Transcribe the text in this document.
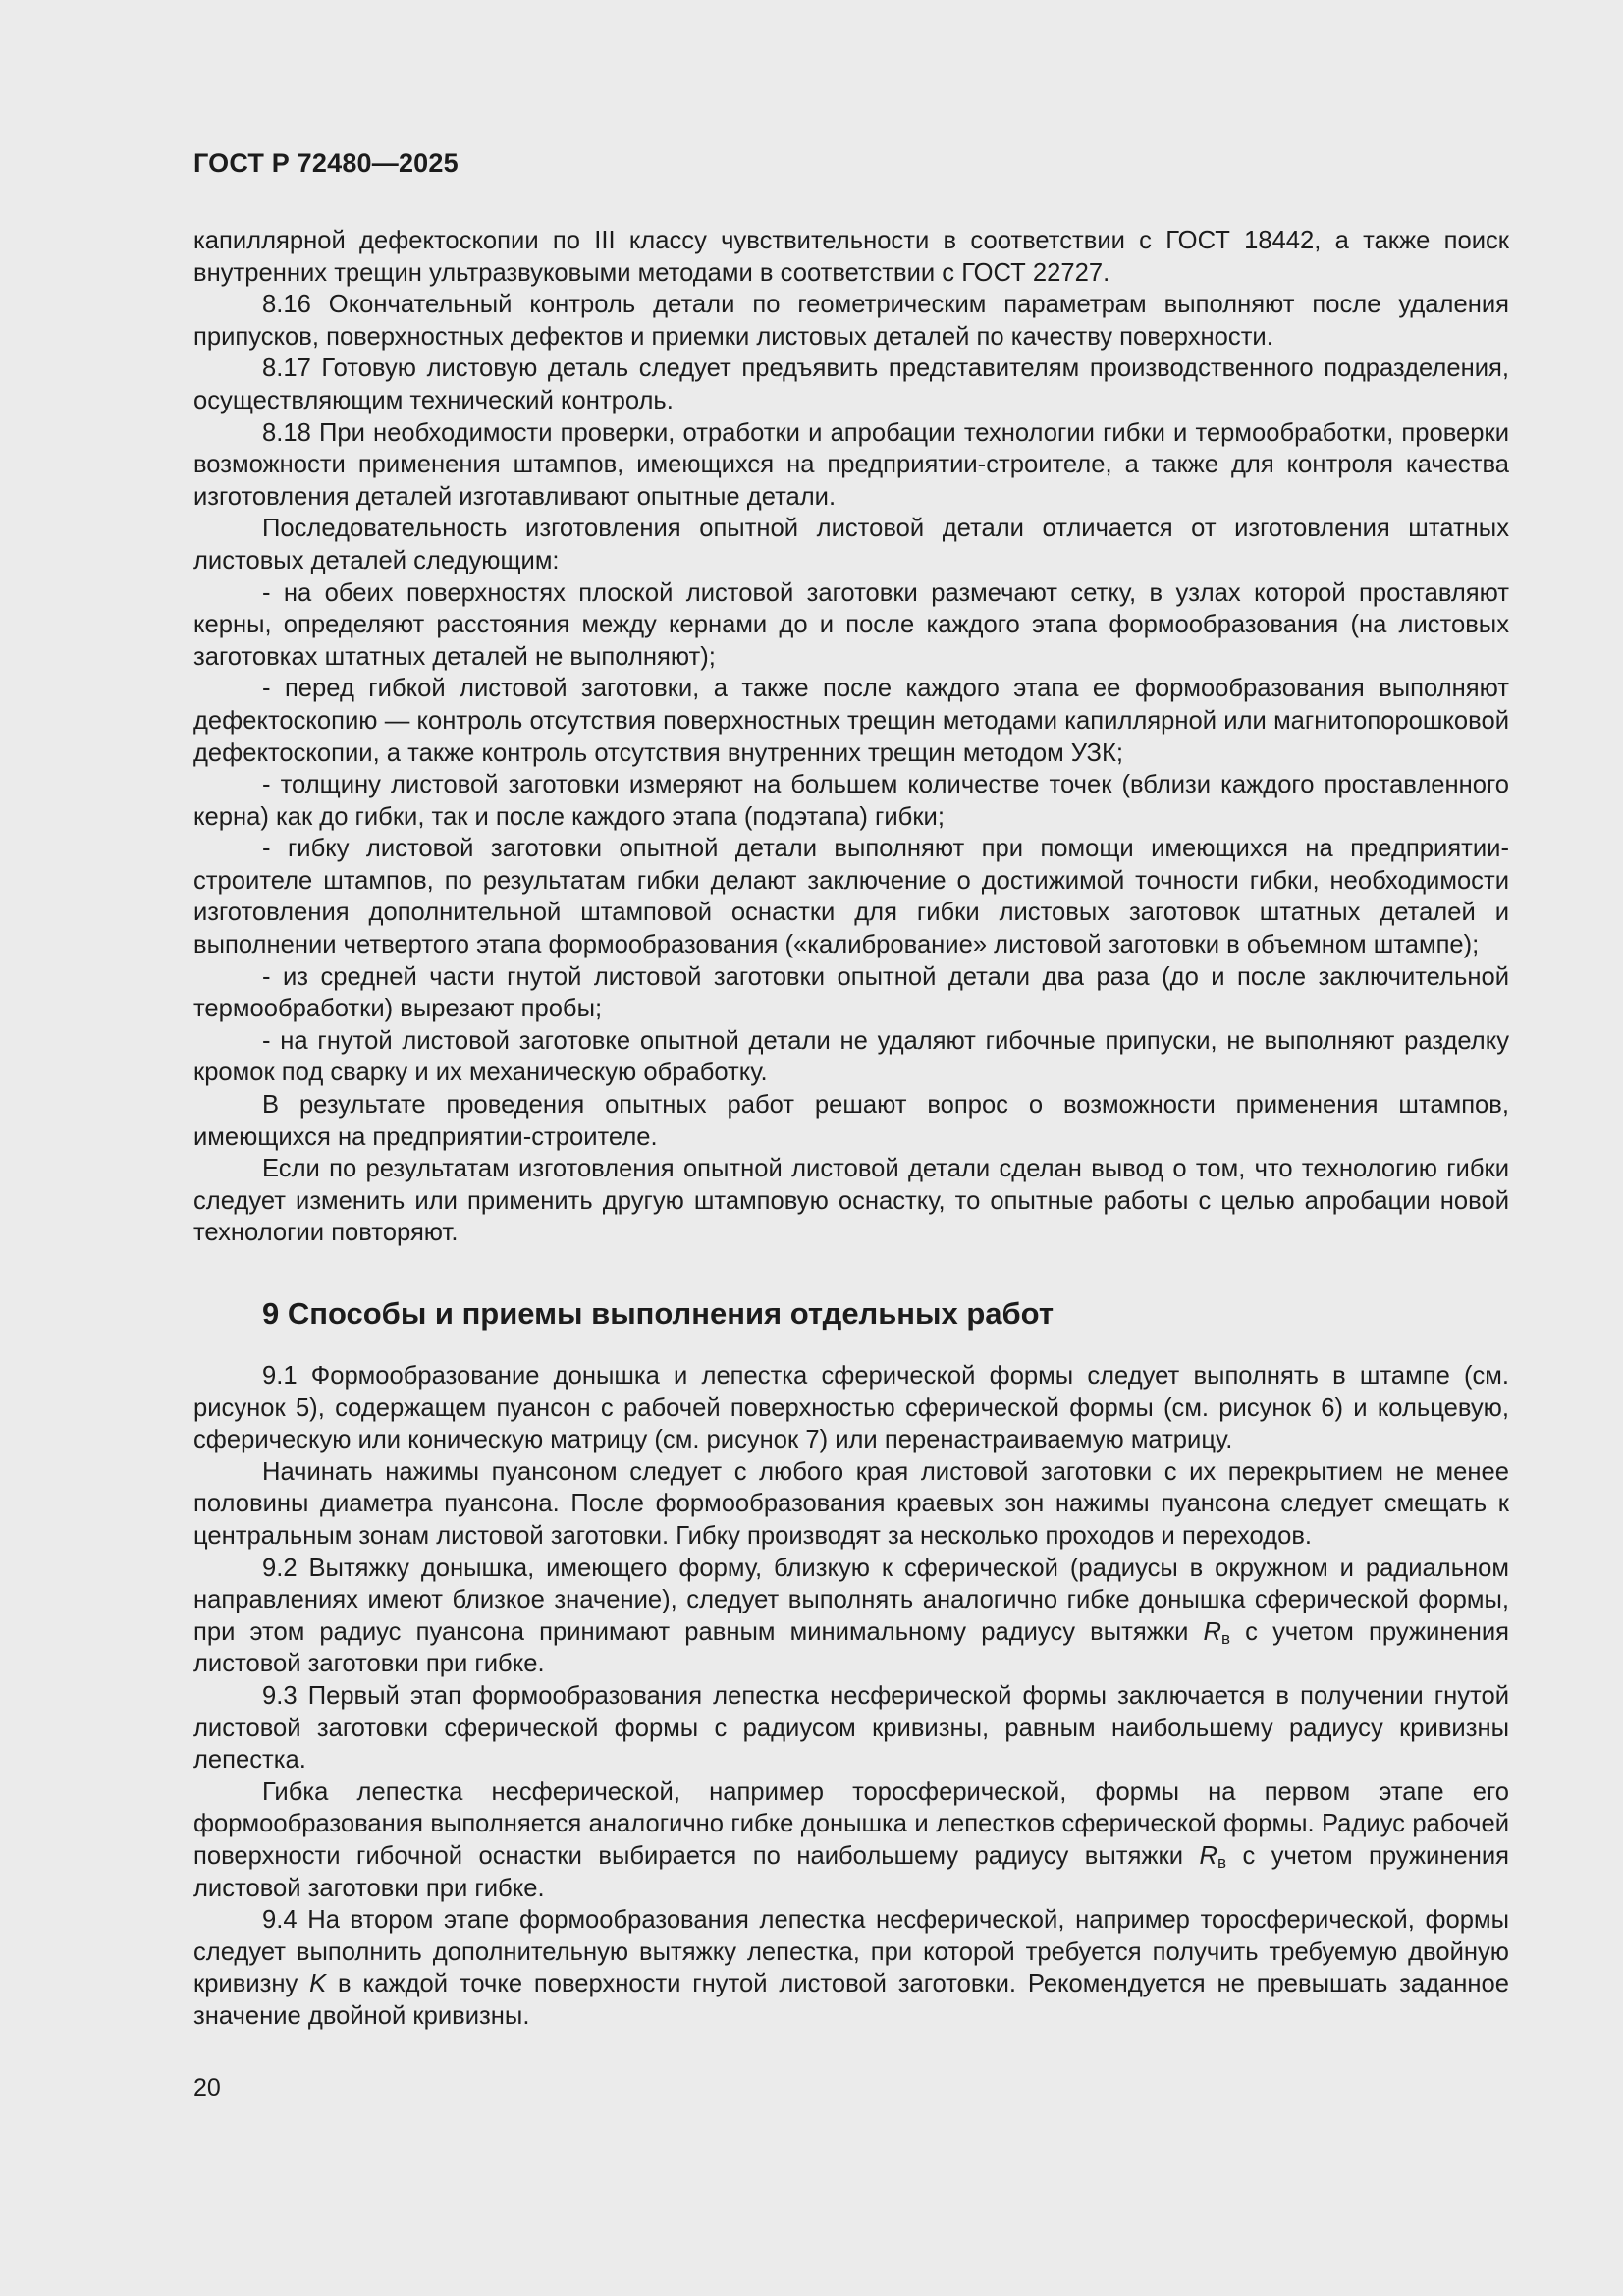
ГОСТ Р 72480—2025

капиллярной дефектоскопии по III классу чувствительности в соответствии с ГОСТ 18442, а также поиск внутренних трещин ультразвуковыми методами в соответствии с ГОСТ 22727.

8.16 Окончательный контроль детали по геометрическим параметрам выполняют после удаления припусков, поверхностных дефектов и приемки листовых деталей по качеству поверхности.

8.17 Готовую листовую деталь следует предъявить представителям производственного подразделения, осуществляющим технический контроль.

8.18 При необходимости проверки, отработки и апробации технологии гибки и термообработки, проверки возможности применения штампов, имеющихся на предприятии-строителе, а также для контроля качества изготовления деталей изготавливают опытные детали.

Последовательность изготовления опытной листовой детали отличается от изготовления штатных листовых деталей следующим:

- на обеих поверхностях плоской листовой заготовки размечают сетку, в узлах которой проставляют керны, определяют расстояния между кернами до и после каждого этапа формообразования (на листовых заготовках штатных деталей не выполняют);

- перед гибкой листовой заготовки, а также после каждого этапа ее формообразования выполняют дефектоскопию — контроль отсутствия поверхностных трещин методами капиллярной или магнитопорошковой дефектоскопии, а также контроль отсутствия внутренних трещин методом УЗК;

- толщину листовой заготовки измеряют на большем количестве точек (вблизи каждого проставленного керна) как до гибки, так и после каждого этапа (подэтапа) гибки;

- гибку листовой заготовки опытной детали выполняют при помощи имеющихся на предприятии-строителе штампов, по результатам гибки делают заключение о достижимой точности гибки, необходимости изготовления дополнительной штамповой оснастки для гибки листовых заготовок штатных деталей и выполнении четвертого этапа формообразования («калибрование» листовой заготовки в объемном штампе);

- из средней части гнутой листовой заготовки опытной детали два раза (до и после заключительной термообработки) вырезают пробы;

- на гнутой листовой заготовке опытной детали не удаляют гибочные припуски, не выполняют разделку кромок под сварку и их механическую обработку.

В результате проведения опытных работ решают вопрос о возможности применения штампов, имеющихся на предприятии-строителе.

Если по результатам изготовления опытной листовой детали сделан вывод о том, что технологию гибки следует изменить или применить другую штамповую оснастку, то опытные работы с целью апробации новой технологии повторяют.

9 Способы и приемы выполнения отдельных работ

9.1 Формообразование донышка и лепестка сферической формы следует выполнять в штампе (см. рисунок 5), содержащем пуансон с рабочей поверхностью сферической формы (см. рисунок 6) и кольцевую, сферическую или коническую матрицу (см. рисунок 7) или перенастраиваемую матрицу.

Начинать нажимы пуансоном следует с любого края листовой заготовки с их перекрытием не менее половины диаметра пуансона. После формообразования краевых зон нажимы пуансона следует смещать к центральным зонам листовой заготовки. Гибку производят за несколько проходов и переходов.

9.2 Вытяжку донышка, имеющего форму, близкую к сферической (радиусы в окружном и радиальном направлениях имеют близкое значение), следует выполнять аналогично гибке донышка сферической формы, при этом радиус пуансона принимают равным минимальному радиусу вытяжки $R_в$ с учетом пружинения листовой заготовки при гибке.

9.3 Первый этап формообразования лепестка несферической формы заключается в получении гнутой листовой заготовки сферической формы с радиусом кривизны, равным наибольшему радиусу кривизны лепестка.

Гибка лепестка несферической, например торосферической, формы на первом этапе его формообразования выполняется аналогично гибке донышка и лепестков сферической формы. Радиус рабочей поверхности гибочной оснастки выбирается по наибольшему радиусу вытяжки $R_в$ с учетом пружинения листовой заготовки при гибке.

9.4 На втором этапе формообразования лепестка несферической, например торосферической, формы следует выполнить дополнительную вытяжку лепестка, при которой требуется получить требуемую двойную кривизну K в каждой точке поверхности гнутой листовой заготовки. Рекомендуется не превышать заданное значение двойной кривизны.

20
